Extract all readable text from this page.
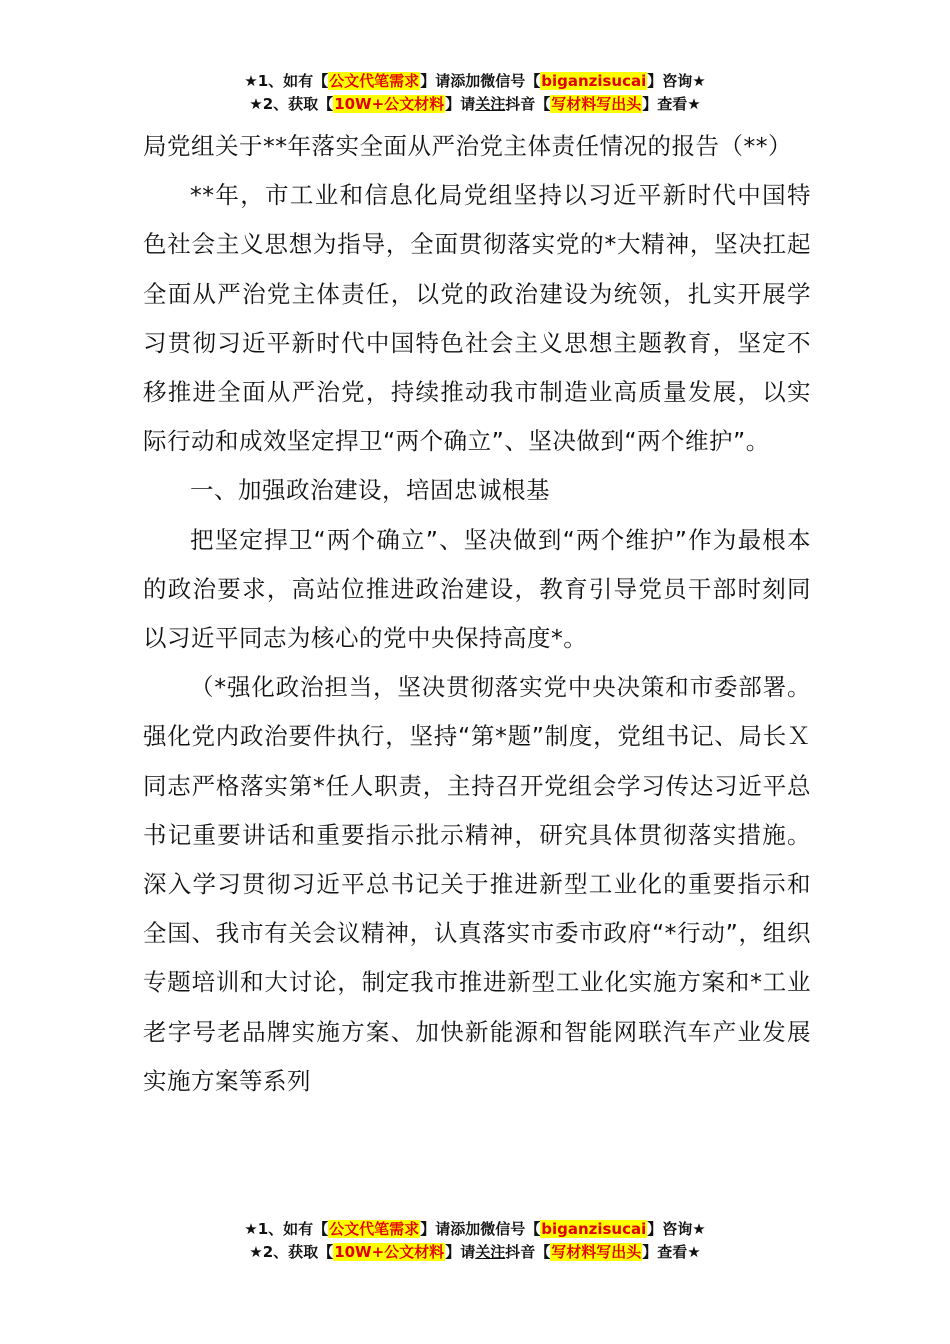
★1、如有【公文代笔需求】请添加微信号【biganzisucai】咨询★
★2、获取【10W+公文材料】请关注抖音【写材料写出头】查看★

局党组关于**年落实全面从严治党主体责任情况的报告（**）

**年，市工业和信息化局党组坚持以习近平新时代中国特色社会主义思想为指导，全面贯彻落实党的*大精神，坚决扛起全面从严治党主体责任，以党的政治建设为统领，扎实开展学习贯彻习近平新时代中国特色社会主义思想主题教育，坚定不移推进全面从严治党，持续推动我市制造业高质量发展，以实际行动和成效坚定捍卫“两个确立”、坚决做到“两个维护”。

一、加强政治建设，培固忠诚根基

把坚定捍卫“两个确立”、坚决做到“两个维护”作为最根本的政治要求，高站位推进政治建设，教育引导党员干部时刻同以习近平同志为核心的党中央保持高度*。

（*强化政治担当，坚决贯彻落实党中央决策和市委部署。强化党内政治要件执行，坚持“第*题”制度，党组书记、局长Ｘ同志严格落实第*任人职责，主持召开党组会学习传达习近平总书记重要讲话和重要指示批示精神，研究具体贯彻落实措施。深入学习贯彻习近平总书记关于推进新型工业化的重要指示和全国、我市有关会议精神，认真落实市委市政府“*行动”，组织专题培训和大讨论，制定我市推进新型工业化实施方案和*工业老字号老品牌实施方案、加快新能源和智能网联汽车产业发展实施方案等系列

★1、如有【公文代笔需求】请添加微信号【biganzisucai】咨询★
★2、获取【10W+公文材料】请关注抖音【写材料写出头】查看★
